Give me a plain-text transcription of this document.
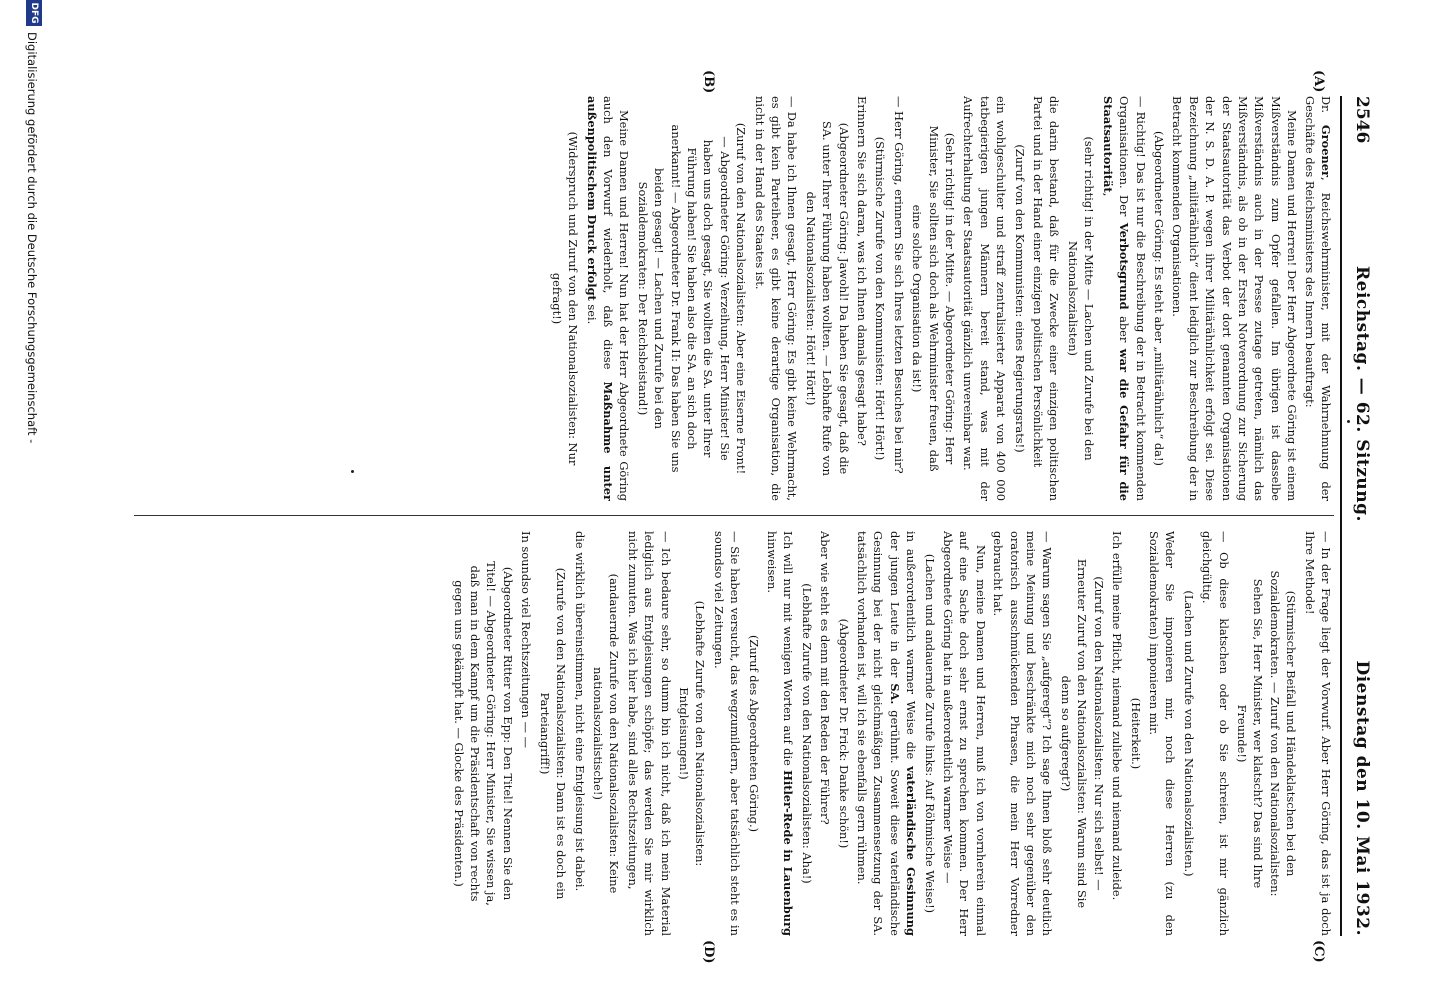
2546
Reichstag. — 62. Sitzung.
Dienstag den 10. Mai 1932.
(A)
(B)
(C)
(D)

Dr. Groener, Reichswehrminister, mit der Wahrnehmung der Geschäfte des Reichsministers des Innern beauftragt:

Meine Damen und Herren! Der Herr Abgeordnete Göring ist einem Mißverständnis zum Opfer gefallen. Im übrigen ist dasselbe Mißverständnis auch in der Presse zutage getreten, nämlich das Mißverständnis, als ob in der Ersten Notverordnung zur Sicherung der Staatsautorität das Verbot der dort genannten Organisationen der N. S. D. A. P. wegen ihrer Militärähnlichkeit erfolgt sei. Diese Bezeichnung „militärähnlich“ dient lediglich zur Beschreibung der in Betracht kommenden Organisationen.

(Abgeordneter Göring: Es steht aber „militärähnlich“ da!)

— Richtig! Das ist nur die Beschreibung der in Betracht kommenden Organisationen. Der Verbotsgrund aber war die Gefahr für die Staatsautorität,

(sehr richtig! in der Mitte — Lachen und Zurufe bei den Nationalsozialisten)

die darin bestand, daß für die Zwecke einer einzigen politischen Partei und in der Hand einer einzigen politischen Persönlichkeit

(Zuruf von den Kommunisten: eines Regierungsrats!)

ein wohlgeschulter und straff zentralisierter Apparat von 400 000 tatbegierigen jungen Männern bereit stand, was mit der Aufrechterhaltung der Staatsautorität gänzlich unvereinbar war.

(Sehr richtig! in der Mitte. — Abgeordneter Göring: Herr Minister, Sie sollten sich doch als Wehrminister freuen, daß eine solche Organisation da ist!)

— Herr Göring, erinnern Sie sich Ihres letzten Besuches bei mir?

(Stürmische Zurufe von den Kommunisten: Hört! Hört!)

Erinnern Sie sich daran, was ich Ihnen damals gesagt habe?

(Abgeordneter Göring: Jawohl! Da haben Sie gesagt, daß die SA. unter Ihrer Führung haben wollten. — Lebhafte Rufe von den Nationalsozialisten: Hört! Hört!)

— Da habe ich Ihnen gesagt, Herr Göring: Es gibt keine Wehrmacht, es gibt kein Parteiheer, es gibt keine derartige Organisation, die nicht in der Hand des Staates ist.

(Zuruf von den Nationalsozialisten: Aber eine Eiserne Front! — Abgeordneter Göring: Verzeihung, Herr Minister! Sie haben uns doch gesagt, Sie wollten die SA. unter Ihrer Führung haben! Sie haben also die SA. an sich doch anerkannt! — Abgeordneter Dr. Frank II: Das haben Sie uns beiden gesagt! — Lachen und Zurufe bei den Sozialdemokraten: Der Reichsbeistand!)

Meine Damen und Herren! Nun hat der Herr Abgeordnete Göring auch den Vorwurf wiederholt, daß diese Maßnahme unter außenpolitischem Druck erfolgt sei.

(Widerspruch und Zuruf von den Nationalsozialisten: Nur gefragt!)

— In der Frage liegt der Vorwurf. Aber Herr Göring, das ist ja doch Ihre Methode!

(Stürmischer Beifall und Händeklatschen bei den Sozialdemokraten. — Zuruf von den Nationalsozialisten: Sehen Sie, Herr Minister, wer klatscht? Das sind Ihre Freunde!)

— Ob diese klatschen oder ob Sie schreien, ist mir gänzlich gleichgültig.

(Lachen und Zurufe von den Nationalsozialisten.)

Weder Sie imponieren mir, noch diese Herren (zu den Sozialdemokraten) imponieren mir.

(Heiterkeit.)

Ich erfülle meine Pflicht, niemand zuliebe und niemand zuleide.

(Zuruf von den Nationalsozialisten: Nur sich selbst! — Erneuter Zuruf von den Nationalsozialisten: Warum sind Sie denn so aufgeregt?)

— Warum sagen Sie „aufgeregt“? Ich sage Ihnen bloß sehr deutlich meine Meinung und beschränkte mich noch sehr gegenüber den oratorisch ausschmückenden Phrasen, die mein Herr Vorredner gebraucht hat.

Nun, meine Damen und Herren, muß ich von vornherein einmal auf eine Sache doch sehr ernst zu sprechen kommen. Der Herr Abgeordnete Göring hat in außerordentlich warmer Weise —

(Lachen und andauernde Zurufe links: Auf Röhmische Weise!)

in außerordentlich warmer Weise die vaterländische Gesinnung der jungen Leute in der SA. gerühmt. Soweit diese vaterländische Gesinnung bei der nicht gleichmäßigen Zusammensetzung der SA. tatsächlich vorhanden ist, will ich sie ebenfalls gern rühmen.

(Abgeordneter Dr. Frick: Danke schön!)

Aber wie steht es denn mit den Reden der Führer?

(Lebhafte Zurufe von den Nationalsozialisten: Aha!)

Ich will nur mit wenigen Worten auf die Hitler-Rede in Lauenburg hinweisen.

(Zuruf des Abgeordneten Göring.)

— Sie haben versucht, das wegzumildern, aber tatsächlich steht es in soundso viel Zeitungen.

(Lebhafte Zurufe von den Nationalsozialisten: Entgleisungen!)

— Ich bedaure sehr, so dumm bin ich nicht, daß ich mein Material lediglich aus Entgleisungen schöpfe; das werden Sie mir wirklich nicht zumuten. Was ich hier habe, sind alles Rechtszeitungen,

(andauernde Zurufe von den Nationalsozialisten: Keine nationalsozialistische!)

die wirklich übereinstimmen, nicht eine Entgleisung ist dabei.

(Zurufe von den Nationalsozialisten: Dann ist es doch ein Parteiangriff!)

In soundso viel Rechtszeitungen — —

(Abgeordneter Ritter von Epp: Den Titel! Nennen Sie den Titel! — Abgeordneter Göring: Herr Minister, Sie wissen ja, daß man in dem Kampf um die Präsidentschaft von rechts gegen uns gekämpft hat. — Glocke des Präsidenten.)

DFG
Digitalisierung gefördert durch die Deutsche Forschungsgemeinschaft -
